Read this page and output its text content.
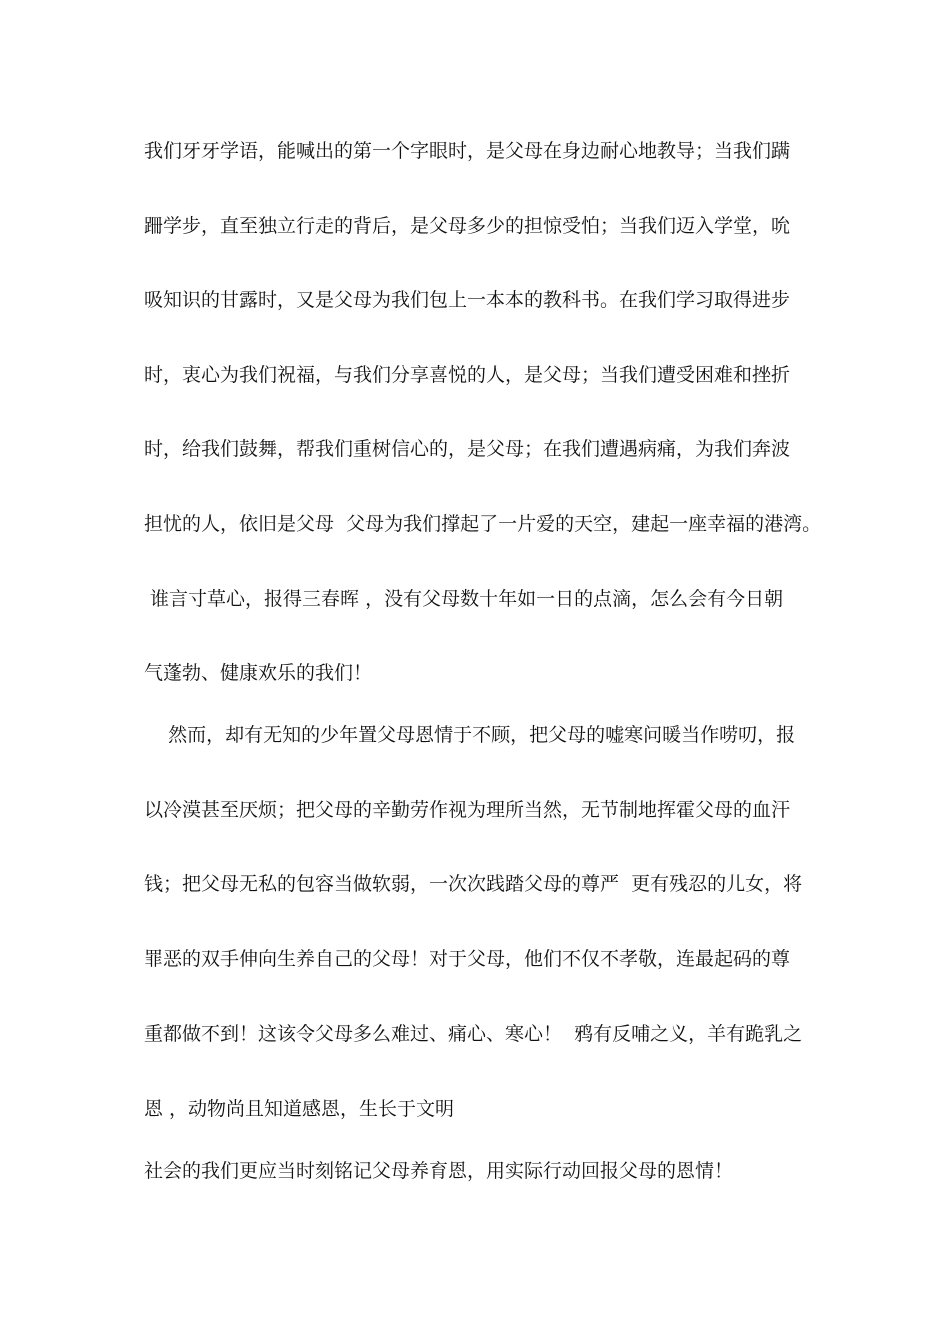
我们牙牙学语，能喊出的第一个字眼时，是父母在身边耐心地教导；当我们蹒
跚学步，直至独立行走的背后，是父母多少的担惊受怕；当我们迈入学堂，吮
吸知识的甘露时，又是父母为我们包上一本本的教科书。在我们学习取得进步
时，衷心为我们祝福，与我们分享喜悦的人，是父母；当我们遭受困难和挫折
时，给我们鼓舞，帮我们重树信心的，是父母；在我们遭遇病痛，为我们奔波
担忧的人，依旧是父母  父母为我们撑起了一片爱的天空，建起一座幸福的港湾。
谁言寸草心，报得三春晖 ，没有父母数十年如一日的点滴，怎么会有今日朝
气蓬勃、健康欢乐的我们！
然而，却有无知的少年置父母恩情于不顾，把父母的嘘寒问暖当作唠叨，报
以冷漠甚至厌烦；把父母的辛勤劳作视为理所当然，无节制地挥霍父母的血汗
钱；把父母无私的包容当做软弱，一次次践踏父母的尊严  更有残忍的儿女，将
罪恶的双手伸向生养自己的父母！对于父母，他们不仅不孝敬，连最起码的尊
重都做不到！这该令父母多么难过、痛心、寒心！  鸦有反哺之义，羊有跪乳之
恩 ，动物尚且知道感恩，生长于文明
社会的我们更应当时刻铭记父母养育恩，用实际行动回报父母的恩情！
